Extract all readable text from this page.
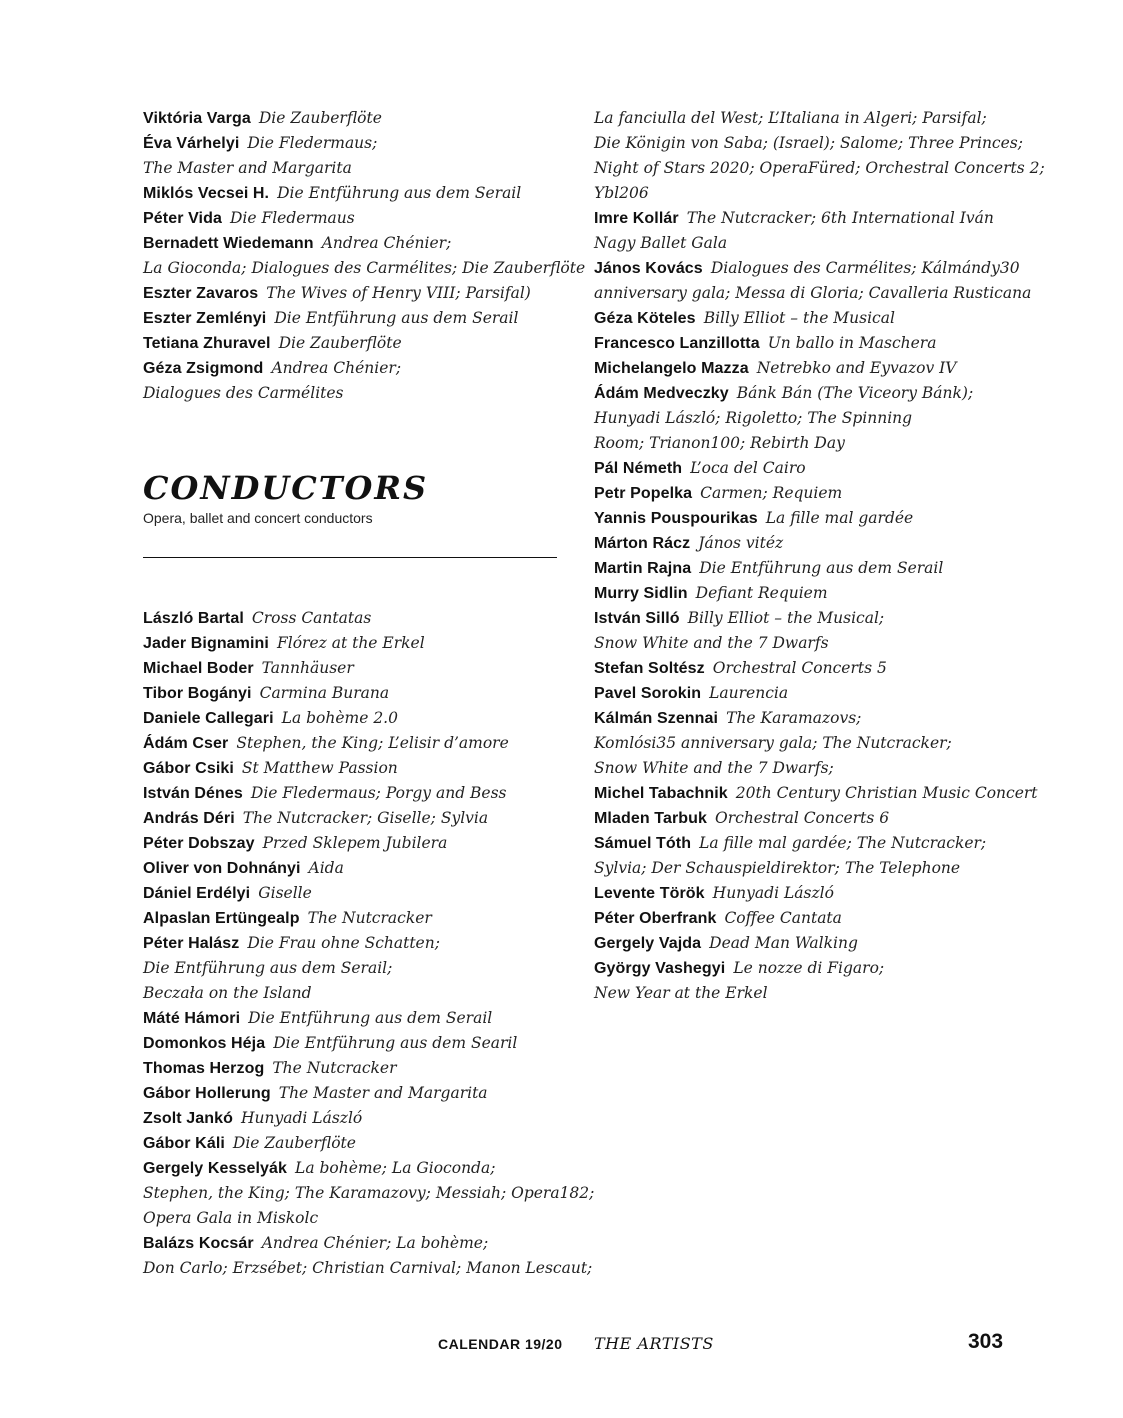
Viktória Varga Die Zauberflöte
Éva Várhelyi Die Fledermaus;
The Master and Margarita
Miklós Vecsei H. Die Entführung aus dem Serail
Péter Vida Die Fledermaus
Bernadett Wiedemann Andrea Chénier;
La Gioconda; Dialogues des Carmélites; Die Zauberflöte
Eszter Zavaros The Wives of Henry VIII; Parsifal)
Eszter Zemlényi Die Entführung aus dem Serail
Tetiana Zhuravel Die Zauberflöte
Géza Zsigmond Andrea Chénier;
Dialogues des Carmélites
CONDUCTORS
Opera, ballet and concert conductors
László Bartal Cross Cantatas
Jader Bignamini Flórez at the Erkel
Michael Boder Tannhäuser
Tibor Bogányi Carmina Burana
Daniele Callegari La bohème 2.0
Ádám Cser Stephen, the King; L’elisir d’amore
Gábor Csiki St Matthew Passion
István Dénes Die Fledermaus; Porgy and Bess
András Déri The Nutcracker; Giselle; Sylvia
Péter Dobszay Przed Sklepem Jubilera
Oliver von Dohnányi Aida
Dániel Erdélyi Giselle
Alpaslan Ertüngealp The Nutcracker
Péter Halász Die Frau ohne Schatten;
Die Entführung aus dem Serail;
Beczała on the Island
Máté Hámori Die Entführung aus dem Serail
Domonkos Héja Die Entführung aus dem Searil
Thomas Herzog The Nutcracker
Gábor Hollerung The Master and Margarita
Zsolt Jankó Hunyadi László
Gábor Káli Die Zauberflöte
Gergely Kesselyák La bohème; La Gioconda;
Stephen, the King; The Karamazovy; Messiah; Opera182;
Opera Gala in Miskolc
Balázs Kocsár Andrea Chénier; La bohème;
Don Carlo; Erzsébet; Christian Carnival; Manon Lescaut;
La fanciulla del West; L’Italiana in Algeri; Parsifal;
Die Königin von Saba; (Israel); Salome; Three Princes;
Night of Stars 2020; OperaFüred; Orchestral Concerts 2;
Ybl206
Imre Kollár The Nutcracker; 6th International Iván
Nagy Ballet Gala
János Kovács Dialogues des Carmélites; Kálmándy30
anniversary gala; Messa di Gloria; Cavalleria Rusticana
Géza Köteles Billy Elliot – the Musical
Francesco Lanzillotta Un ballo in Maschera
Michelangelo Mazza Netrebko and Eyvazov IV
Ádám Medveczky Bánk Bán (The Viceory Bánk);
Hunyadi László; Rigoletto; The Spinning
Room; Trianon100; Rebirth Day
Pál Németh L’oca del Cairo
Petr Popelka Carmen; Requiem
Yannis Pouspourikas La fille mal gardée
Márton Rácz János vitéz
Martin Rajna Die Entführung aus dem Serail
Murry Sidlin Defiant Requiem
István Silló Billy Elliot – the Musical;
Snow White and the 7 Dwarfs
Stefan Soltész Orchestral Concerts 5
Pavel Sorokin Laurencia
Kálmán Szennai The Karamazovs;
Komlósi35 anniversary gala; The Nutcracker;
Snow White and the 7 Dwarfs;
Michel Tabachnik 20th Century Christian Music Concert
Mladen Tarbuk Orchestral Concerts 6
Sámuel Tóth La fille mal gardée; The Nutcracker;
Sylvia; Der Schauspieldirektor; The Telephone
Levente Török Hunyadi László
Péter Oberfrank Coffee Cantata
Gergely Vajda Dead Man Walking
György Vashegyi Le nozze di Figaro;
New Year at the Erkel
CALENDAR 19/20 THE ARTISTS	303
